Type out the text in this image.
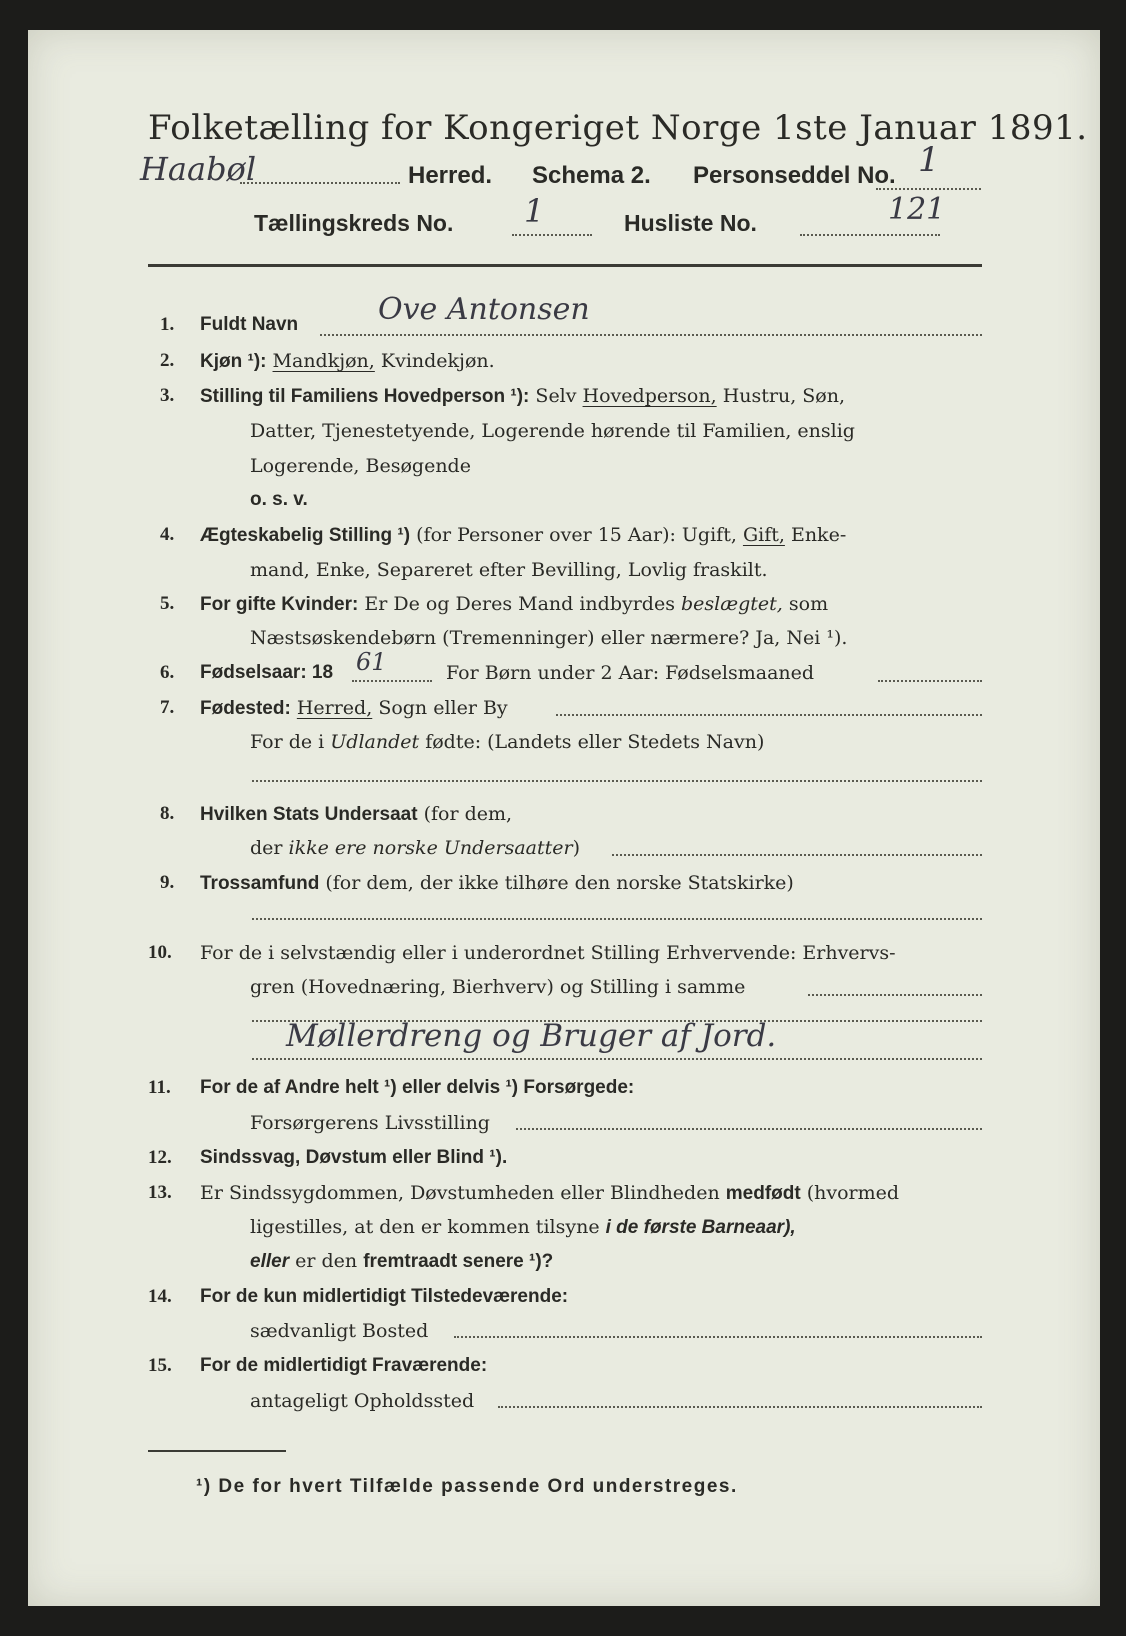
Folketælling for Kongeriget Norge 1ste Januar 1891.
Haabøl	Herred. Schema 2. Personseddel No. 1
Tællingskreds No. 1	Husliste No.	121
1. Fuldt Navn	Ove Antonsen
2. Kjøn ¹): Mandkjøn, Kvindekjøn.
3. Stilling til Familiens Hovedperson ¹): Selv Hovedperson, Hustru, Søn,
Datter, Tjenestetyende, Logerende hørende til Familien, enslig
Logerende, Besøgende
o. s. v.
4. Ægteskabelig Stilling ¹) (for Personer over 15 Aar): Ugift, Gift, Enke-
mand, Enke, Separeret efter Bevilling, Lovlig fraskilt.
5. For gifte Kvinder: Er De og Deres Mand indbyrdes beslægtet, som
Næstsøskendebørn (Tremenninger) eller nærmere? Ja, Nei ¹).
6. Fødselsaar: 18 61	For Børn under 2 Aar: Fødselsmaaned
7. Fødested: Herred, Sogn eller By
For de i Udlandet fødte: (Landets eller Stedets Navn)
8. Hvilken Stats Undersaat (for dem,
der ikke ere norske Undersaatter)
9. Trossamfund (for dem, der ikke tilhøre den norske Statskirke)
10. For de i selvstændig eller i underordnet Stilling Erhvervende: Erhvervs-
gren (Hovednæring, Bierhverv) og Stilling i samme
Møllerdreng og Bruger af Jord.
11. For de af Andre helt ¹) eller delvis ¹) Forsørgede:
Forsørgerens Livsstilling
12. Sindssvag, Døvstum eller Blind ¹).
13. Er Sindssygdommen, Døvstumheden eller Blindheden medfødt (hvormed
ligestilles, at den er kommen tilsyne i de første Barneaar),
eller er den fremtraadt senere ¹)?
14. For de kun midlertidigt Tilstedeværende:
sædvanligt Bosted
15. For de midlertidigt Fraværende:
antageligt Opholdssted
¹) De for hvert Tilfælde passende Ord understreges.
